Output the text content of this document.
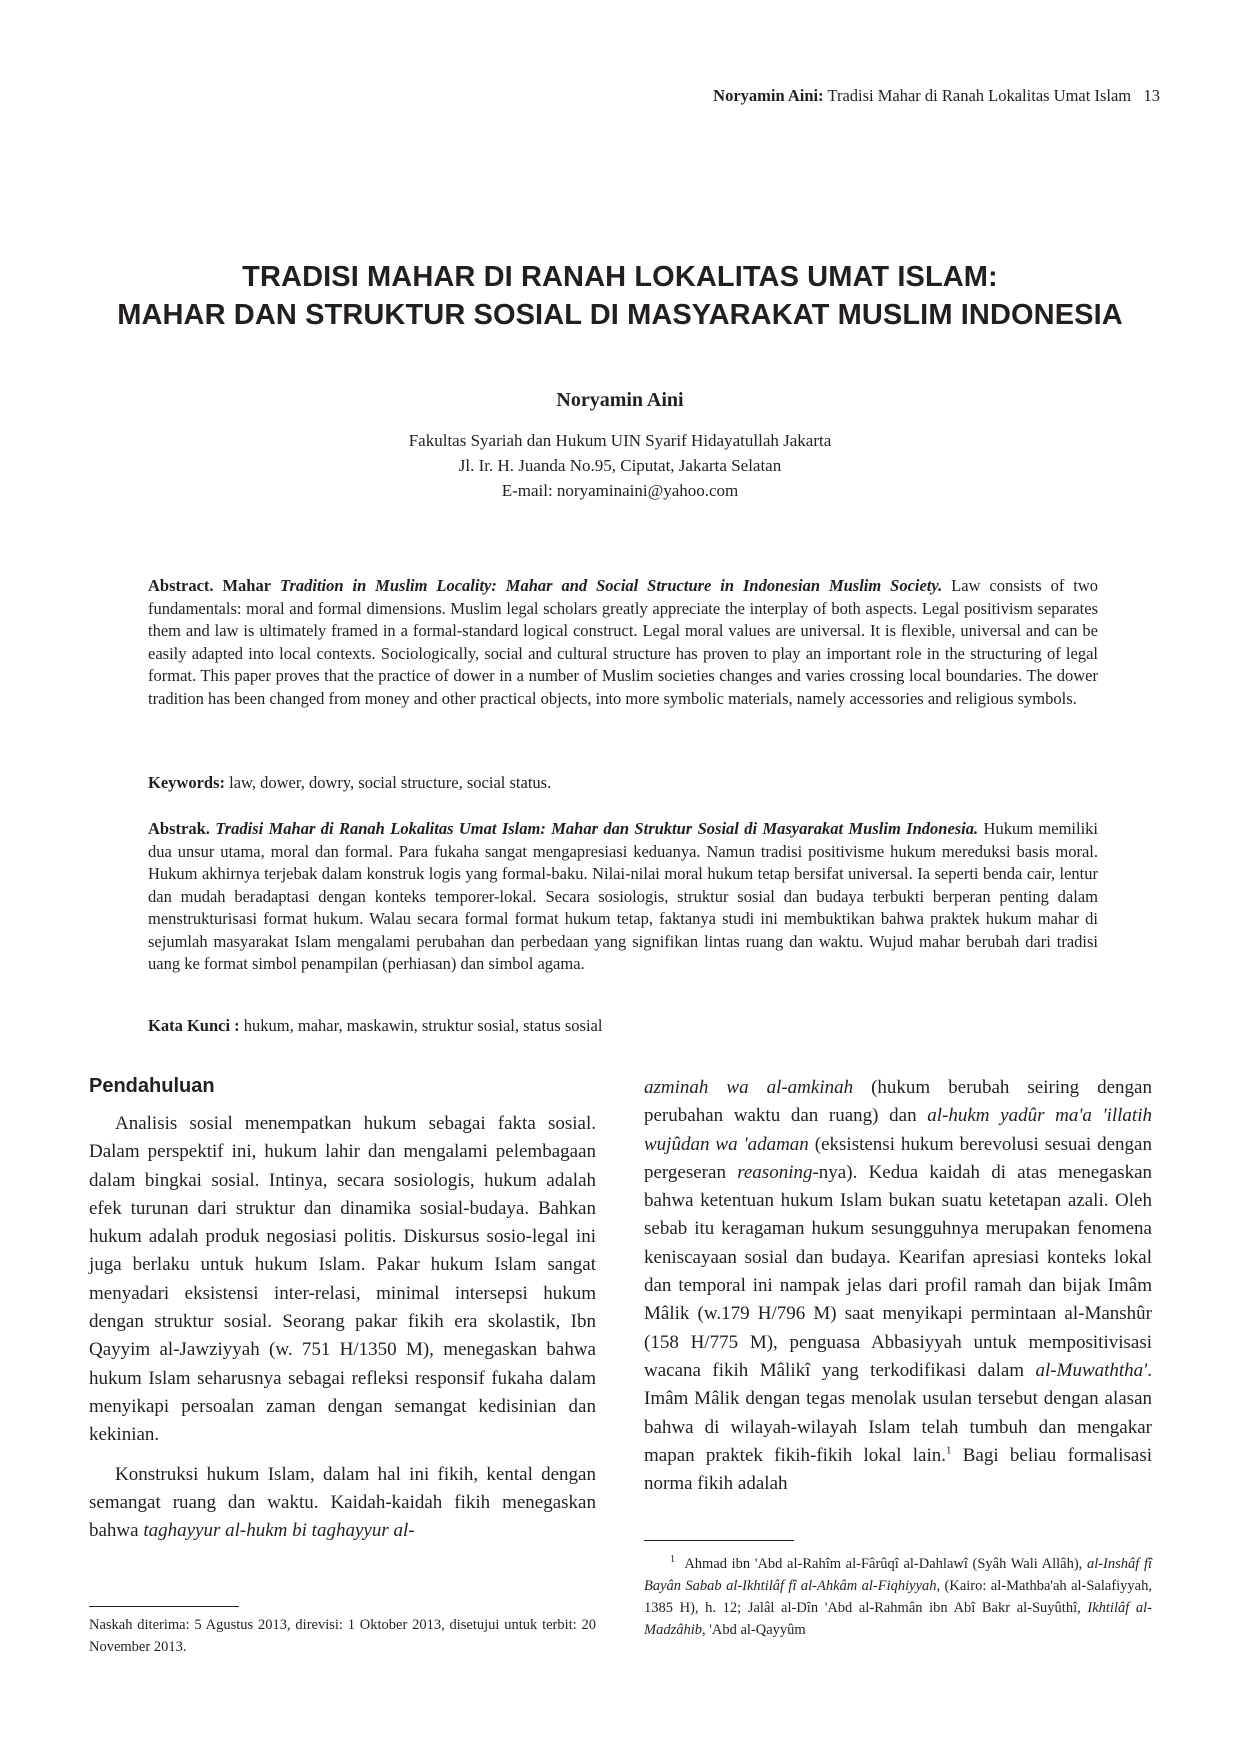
Noryamin Aini: Tradisi Mahar di Ranah Lokalitas Umat Islam 13
TRADISI MAHAR DI RANAH LOKALITAS UMAT ISLAM:
MAHAR DAN STRUKTUR SOSIAL DI MASYARAKAT MUSLIM INDONESIA
Noryamin Aini
Fakultas Syariah dan Hukum UIN Syarif Hidayatullah Jakarta
Jl. Ir. H. Juanda No.95, Ciputat, Jakarta Selatan
E-mail: noryaminaini@yahoo.com
Abstract. Mahar Tradition in Muslim Locality: Mahar and Social Structure in Indonesian Muslim Society. Law consists of two fundamentals: moral and formal dimensions. Muslim legal scholars greatly appreciate the interplay of both aspects. Legal positivism separates them and law is ultimately framed in a formal-standard logical construct. Legal moral values are universal. It is flexible, universal and can be easily adapted into local contexts. Sociologically, social and cultural structure has proven to play an important role in the structuring of legal format. This paper proves that the practice of dower in a number of Muslim societies changes and varies crossing local boundaries. The dower tradition has been changed from money and other practical objects, into more symbolic materials, namely accessories and religious symbols.
Keywords: law, dower, dowry, social structure, social status.
Abstrak. Tradisi Mahar di Ranah Lokalitas Umat Islam: Mahar dan Struktur Sosial di Masyarakat Muslim Indonesia. Hukum memiliki dua unsur utama, moral dan formal. Para fukaha sangat mengapresiasi keduanya. Namun tradisi positivisme hukum mereduksi basis moral. Hukum akhirnya terjebak dalam konstruk logis yang formal-baku. Nilai-nilai moral hukum tetap bersifat universal. Ia seperti benda cair, lentur dan mudah beradaptasi dengan konteks temporer-lokal. Secara sosiologis, struktur sosial dan budaya terbukti berperan penting dalam menstrukturisasi format hukum. Walau secara formal format hukum tetap, faktanya studi ini membuktikan bahwa praktek hukum mahar di sejumlah masyarakat Islam mengalami perubahan dan perbedaan yang signifikan lintas ruang dan waktu. Wujud mahar berubah dari tradisi uang ke format simbol penampilan (perhiasan) dan simbol agama.
Kata Kunci : hukum, mahar, maskawin, struktur sosial, status sosial
Pendahuluan

Analisis sosial menempatkan hukum sebagai fakta sosial. Dalam perspektif ini, hukum lahir dan mengalami pelembagaan dalam bingkai sosial. Intinya, secara sosiologis, hukum adalah efek turunan dari struktur dan dinamika sosial-budaya. Bahkan hukum adalah produk negosiasi politis. Diskursus sosio-legal ini juga berlaku untuk hukum Islam. Pakar hukum Islam sangat menyadari eksistensi inter-relasi, minimal intersepsi hukum dengan struktur sosial. Seorang pakar fikih era skolastik, Ibn Qayyim al-Jawziyyah (w. 751 H/1350 M), menegaskan bahwa hukum Islam seharusnya sebagai refleksi responsif fukaha dalam menyikapi persoalan zaman dengan semangat kedisinian dan kekinian.

Konstruksi hukum Islam, dalam hal ini fikih, kental dengan semangat ruang dan waktu. Kaidah-kaidah fikih menegaskan bahwa taghayyur al-hukm bi taghayyur al-

azminah wa al-amkinah (hukum berubah seiring dengan perubahan waktu dan ruang) dan al-hukm yadûr ma'a 'illatih wujûdan wa 'adaman (eksistensi hukum berevolusi sesuai dengan pergeseran reasoning-nya). Kedua kaidah di atas menegaskan bahwa ketentuan hukum Islam bukan suatu ketetapan azali. Oleh sebab itu keragaman hukum sesungguhnya merupakan fenomena keniscayaan sosial dan budaya. Kearifan apresiasi konteks lokal dan temporal ini nampak jelas dari profil ramah dan bijak Imâm Mâlik (w.179 H/796 M) saat menyikapi permintaan al-Manshûr (158 H/775 M), penguasa Abbasiyyah untuk mempositivisasi wacana fikih Mâlikî yang terkodifikasi dalam al-Muwaththa'. Imâm Mâlik dengan tegas menolak usulan tersebut dengan alasan bahwa di wilayah-wilayah Islam telah tumbuh dan mengakar mapan praktek fikih-fikih lokal lain.$^1$ Bagi beliau formalisasi norma fikih adalah

Naskah diterima: 5 Agustus 2013, direvisi: 1 Oktober 2013, disetujui untuk terbit: 20 November 2013.
$^1$ Ahmad ibn 'Abd al-Rahîm al-Fârûqî al-Dahlawî (Syâh Wali Allâh), al-Inshâf fî Bayân Sabab al-Ikhtilâf fî al-Ahkâm al-Fiqhiyyah, (Kairo: al-Mathba'ah al-Salafiyyah, 1385 H), h. 12; Jalâl al-Dîn 'Abd al-Rahmân ibn Abî Bakr al-Suyûthî, Ikhtilâf al-Madzâhib, 'Abd al-Qayyûm
